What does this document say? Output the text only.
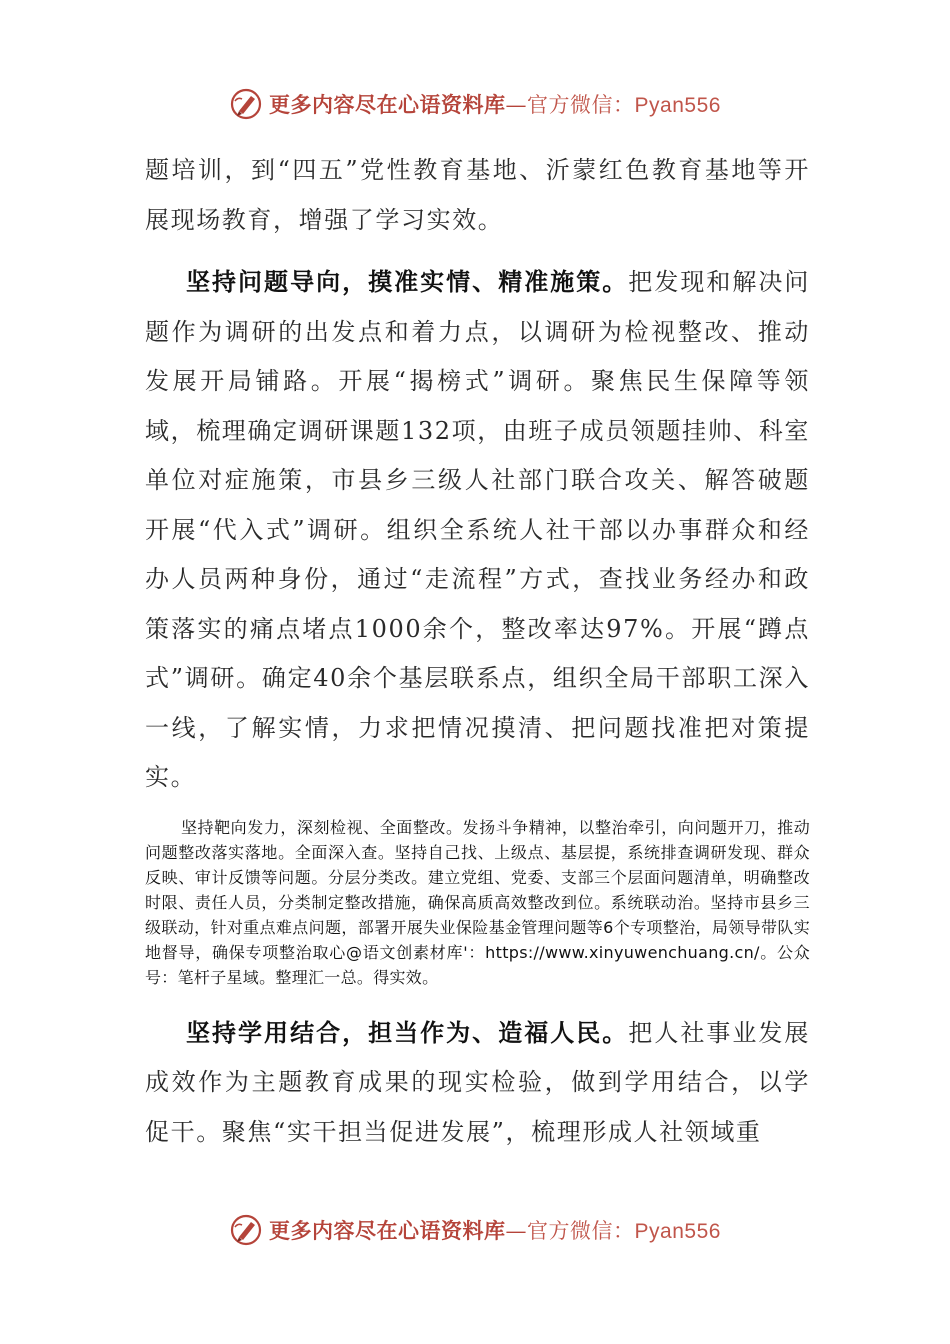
更多内容尽在心语资料库—官方微信：Pyan556

题培训，到“四五”党性教育基地、沂蒙红色教育基地等开展现场教育，增强了学习实效。

坚持问题导向，摸准实情、精准施策。把发现和解决问题作为调研的出发点和着力点，以调研为检视整改、推动发展开局铺路。开展“揭榜式”调研。聚焦民生保障等领域，梳理确定调研课题132项，由班子成员领题挂帅、科室单位对症施策，市县乡三级人社部门联合攻关、解答破题开展“代入式”调研。组织全系统人社干部以办事群众和经办人员两种身份，通过“走流程”方式，查找业务经办和政策落实的痛点堵点1000余个，整改率达97%。开展“蹲点式”调研。确定40余个基层联系点，组织全局干部职工深入一线，了解实情，力求把情况摸清、把问题找准把对策提实。

坚持靶向发力，深刻检视、全面整改。发扬斗争精神，以整治牵引，向问题开刀，推动问题整改落实落地。全面深入查。坚持自己找、上级点、基层提，系统排查调研发现、群众反映、审计反馈等问题。分层分类改。建立党组、党委、支部三个层面问题清单，明确整改时限、责任人员，分类制定整改措施，确保高质高效整改到位。系统联动治。坚持市县乡三级联动，针对重点难点问题，部署开展失业保险基金管理问题等6个专项整治，局领导带队实地督导，确保专项整治取心@语文创素材库'：https://www.xinyuwenchuang.cn/。公众号：笔杆子星域。整理汇一总。得实效。

坚持学用结合，担当作为、造福人民。把人社事业发展成效作为主题教育成果的现实检验，做到学用结合，以学促干。聚焦“实干担当促进发展”，梳理形成人社领域重

更多内容尽在心语资料库—官方微信：Pyan556
